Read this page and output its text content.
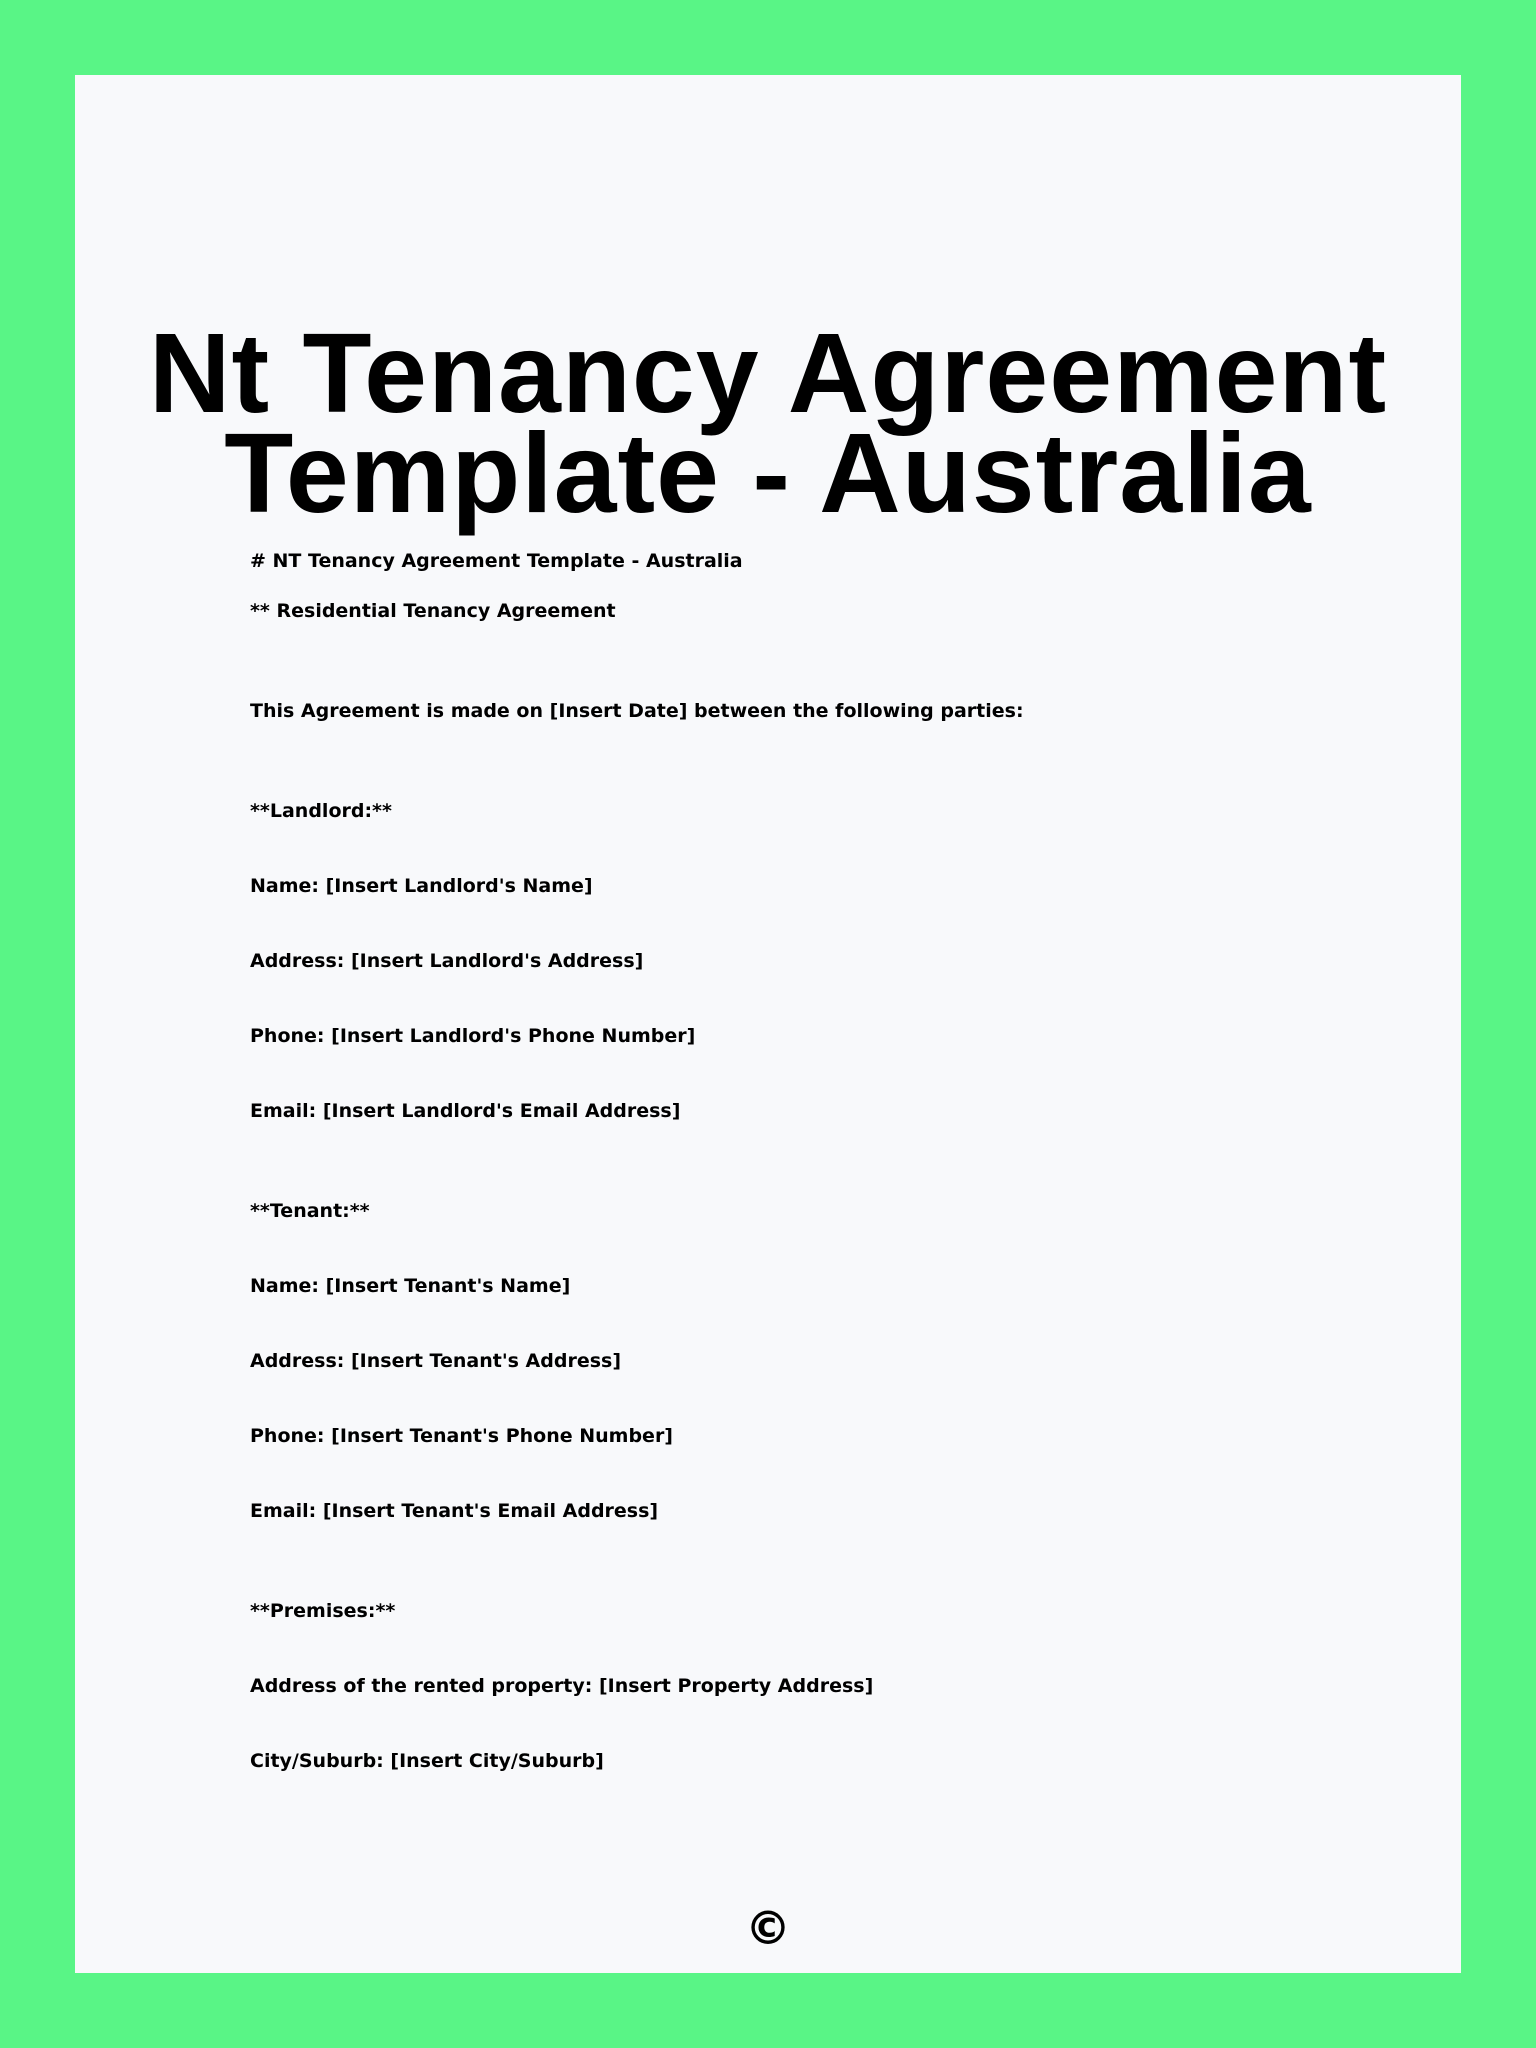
Nt Tenancy Agreement
Template - Australia
# NT Tenancy Agreement Template - Australia
** Residential Tenancy Agreement
This Agreement is made on [Insert Date] between the following parties:
**Landlord:**
Name: [Insert Landlord's Name]
Address: [Insert Landlord's Address]
Phone: [Insert Landlord's Phone Number]
Email: [Insert Landlord's Email Address]
**Tenant:**
Name: [Insert Tenant's Name]
Address: [Insert Tenant's Address]
Phone: [Insert Tenant's Phone Number]
Email: [Insert Tenant's Email Address]
**Premises:**
Address of the rented property: [Insert Property Address]
City/Suburb: [Insert City/Suburb]
©
